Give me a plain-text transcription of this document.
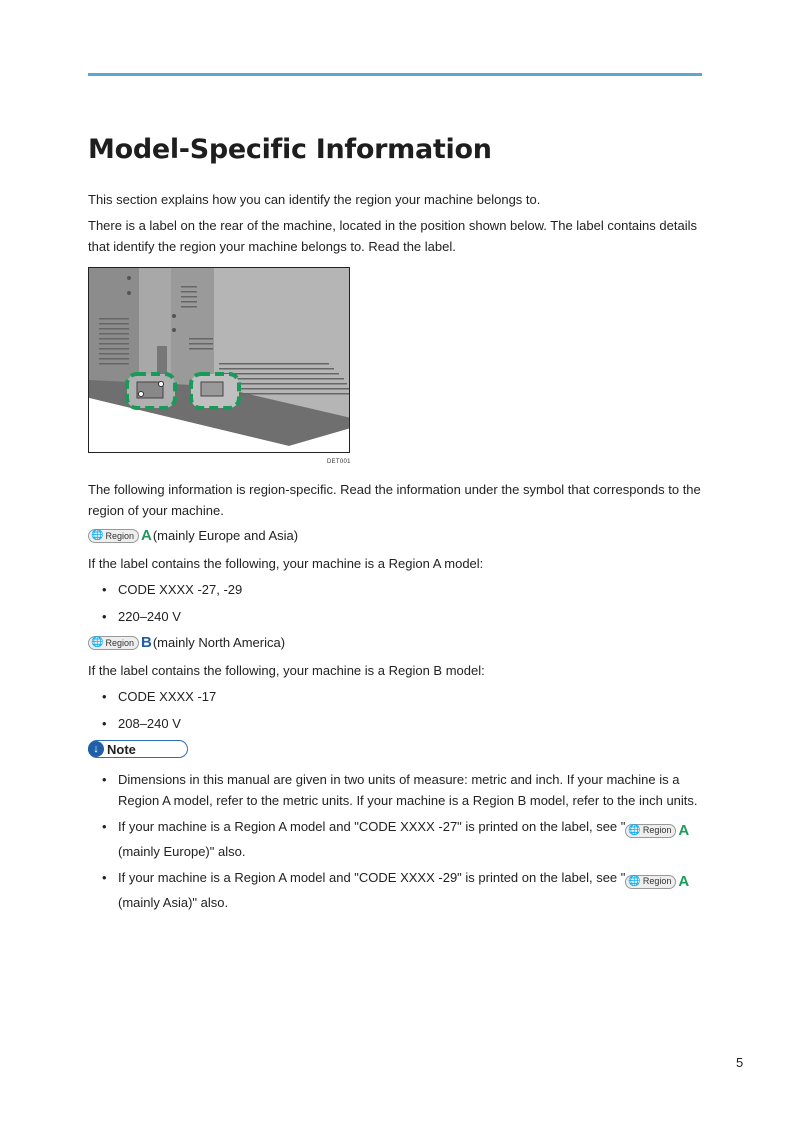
Model-Specific Information

This section explains how you can identify the region your machine belongs to.

There is a label on the rear of the machine, located in the position shown below. The label contains details that identify the region your machine belongs to. Read the label.

DET001

The following information is region-specific. Read the information under the symbol that corresponds to the region of your machine.

🌐 Region A (mainly Europe and Asia)

If the label contains the following, your machine is a Region A model:

• CODE XXXX -27, -29
• 220–240 V
🌐 Region B (mainly North America)

If the label contains the following, your machine is a Region B model:

• CODE XXXX -17
• 208–240 V
↓ Note
• Dimensions in this manual are given in two units of measure: metric and inch. If your machine is a Region A model, refer to the metric units. If your machine is a Region B model, refer to the inch units.
• If your machine is a Region A model and "CODE XXXX -27" is printed on the label, see " 🌐 Region A
(mainly Europe)" also.
• If your machine is a Region A model and "CODE XXXX -29" is printed on the label, see " 🌐 Region A
(mainly Asia)" also.
5
